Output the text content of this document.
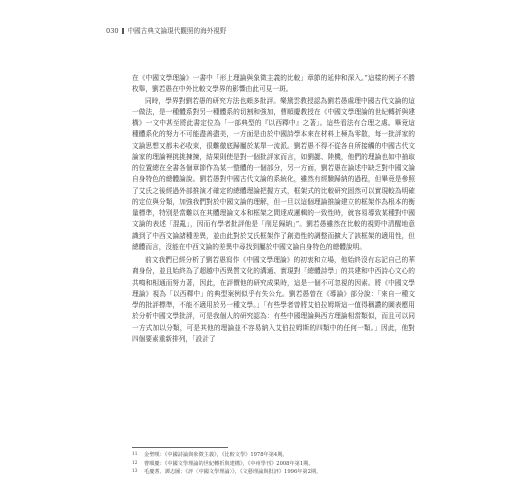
030 中國古典文論現代觀照的海外視野

在《中國文學理論》一書中「形上理論與象徵主義的比較」章節的延伸和深入。”這樣的例子不勝枚舉，劉若愚在中外比較文學界的影響由此可見一斑。

同時，學界對劉若愚的研究方法也頗多批評。樂黛雲教授認為劉若愚處理中國古代文論的這一做法，是一種體系對另一種體系的切割和強加，曹順慶教授在《中國文學理論的世紀轉折與建構》一文中甚至將此書定位為「一部典型的『以西釋中』之著」。這些看法有合理之處。畢竟這種體系化的努力不可能盡善盡美，一方面是由於中國詩學本來在材料上極為零散，每一批評家的文論思想又都未必收束，很難徹底歸屬於某單一流派。劉若愚不得不從各自所接觸的中國古代文論家的理論裡挑挑揀揀，結果則使是對一個批評家而言，如劉勰、陸機，他們的理論也如中抽取的位置總在全書各個章節作為某一整體的一個部分，另一方面，劉若愚在論述中缺乏對中國文論自身特色的總體論說。劉若愚對中國古代文論的系統化，雖然有經驗歸納的過程，但畢竟是參照了艾氏之後經過外部推演才確定的總體理論把握方式，框架式的比較研究固然可以實現較為明確的定位與分類，加強我們對於中國文論的理解，但一旦以這個理論推論建立的框架作為根本的衡量標準，特別是當難以在其體理論文本和框架之間達成邏輯的一致性時，就容易導致某種對中國文論的表述「混亂」，因而有學者批評他是「削足歸納」”。劉若愚雖然在比較的視野中清醒地意識到了中西文論諸種差異，並由此對於艾氏框架作了創造性的調整而擴大了該框架的適用性，但總體而言，沒能在中西文論的差異中尋找到屬於中國文論自身特色的總體說明。

前文我們已經分析了劉若愚寫作《中國文學理論》的初衷和立場，他始終沒有忘記自己的華裔身份，並且始終為了超越中西異質文化的溝通、實現對「總體詩學」的共建和中西詩心文心的共鳴和相通而努力著，因此，在評價他的研究成果時，這是一個不可忽視的因素。將《中國文學理論》視為「以西釋中」的典型案例似乎有失公允。劉若愚曾在《導論》部分說：「來自一種文學的批評標準，不能不適用於另一種文學。」「有些學者曾將艾伯拉姆斯這一值得稱讚的圖表應用於分析中國文學批評，可是我個人的研究認為：有些中國理論與西方理論相當類似，而且可以同一方式加以分類，可是其他的理論並不容易納入艾伯拉姆斯的四類中的任何一類。」因此，他對四個要素重新排列，「設計了

11 金聖嘆：《中國詩論與象徵主義》，《比較文學》1978年第4期。
12 曹順慶：《中國文學理論的世紀轉折與建構》，《中州學刊》2008年第1期。
13 毛慶耆、譚志圖：《評〈中國文學理論〉》，《文藝理論與批評》1996年第2期。
